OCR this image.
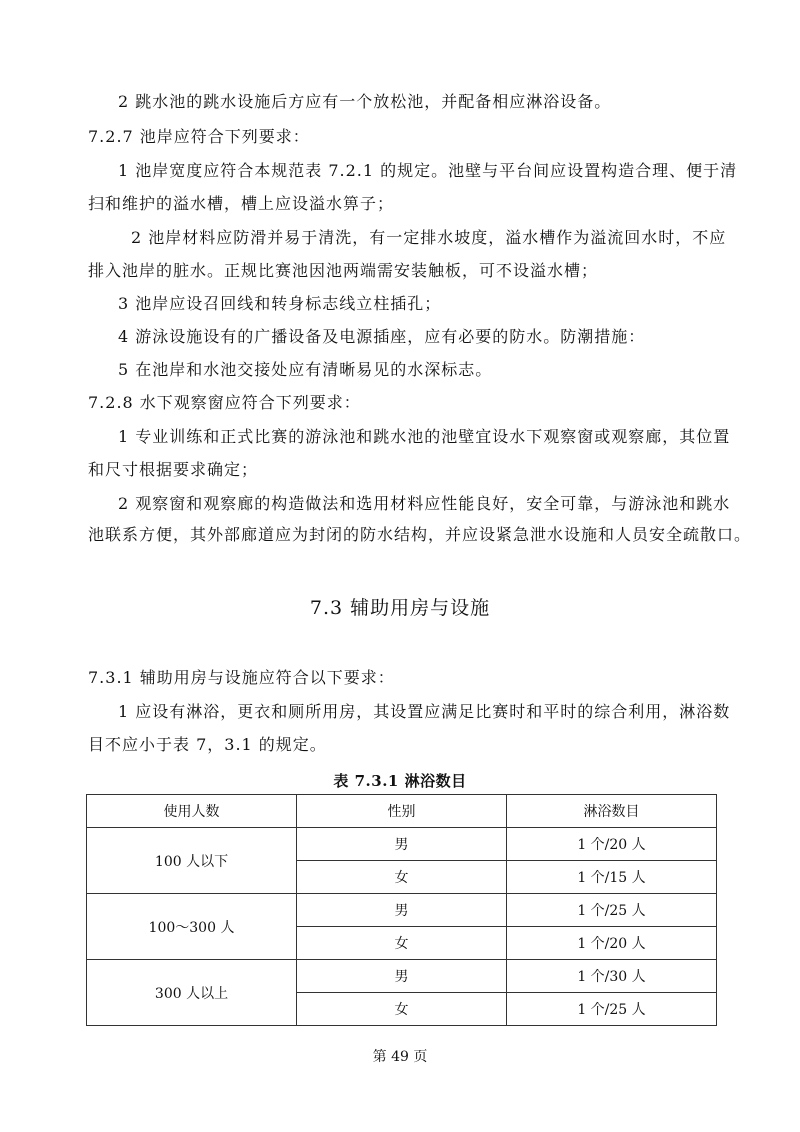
2 跳水池的跳水设施后方应有一个放松池，并配备相应淋浴设备。
7.2.7 池岸应符合下列要求：
1 池岸宽度应符合本规范表 7.2.1 的规定。池壁与平台间应设置构造合理、便于清
扫和维护的溢水槽，槽上应设溢水箅子；
2 池岸材料应防滑并易于清洗，有一定排水坡度，溢水槽作为溢流回水时，不应
排入池岸的脏水。正规比赛池因池两端需安装触板，可不设溢水槽；
3 池岸应设召回线和转身标志线立柱插孔；
4 游泳设施设有的广播设备及电源插座，应有必要的防水。防潮措施：
5 在池岸和水池交接处应有清晰易见的水深标志。
7.2.8 水下观察窗应符合下列要求：
1 专业训练和正式比赛的游泳池和跳水池的池壁宜设水下观察窗或观察廊，其位置
和尺寸根据要求确定；
2 观察窗和观察廊的构造做法和选用材料应性能良好，安全可靠，与游泳池和跳水
池联系方便，其外部廊道应为封闭的防水结构，并应设紧急泄水设施和人员安全疏散口。
7.3 辅助用房与设施
7.3.1 辅助用房与设施应符合以下要求：
1 应设有淋浴，更衣和厕所用房，其设置应满足比赛时和平时的综合利用，淋浴数
目不应小于表 7，3.1 的规定。
表 7.3.1 淋浴数目
使用人数	性别	淋浴数目
100 人以下	男	1 个/20 人
	女	1 个/15 人
100～300 人	男	1 个/25 人
	女	1 个/20 人
300 人以上	男	1 个/30 人
	女	1 个/25 人
第 49 页
